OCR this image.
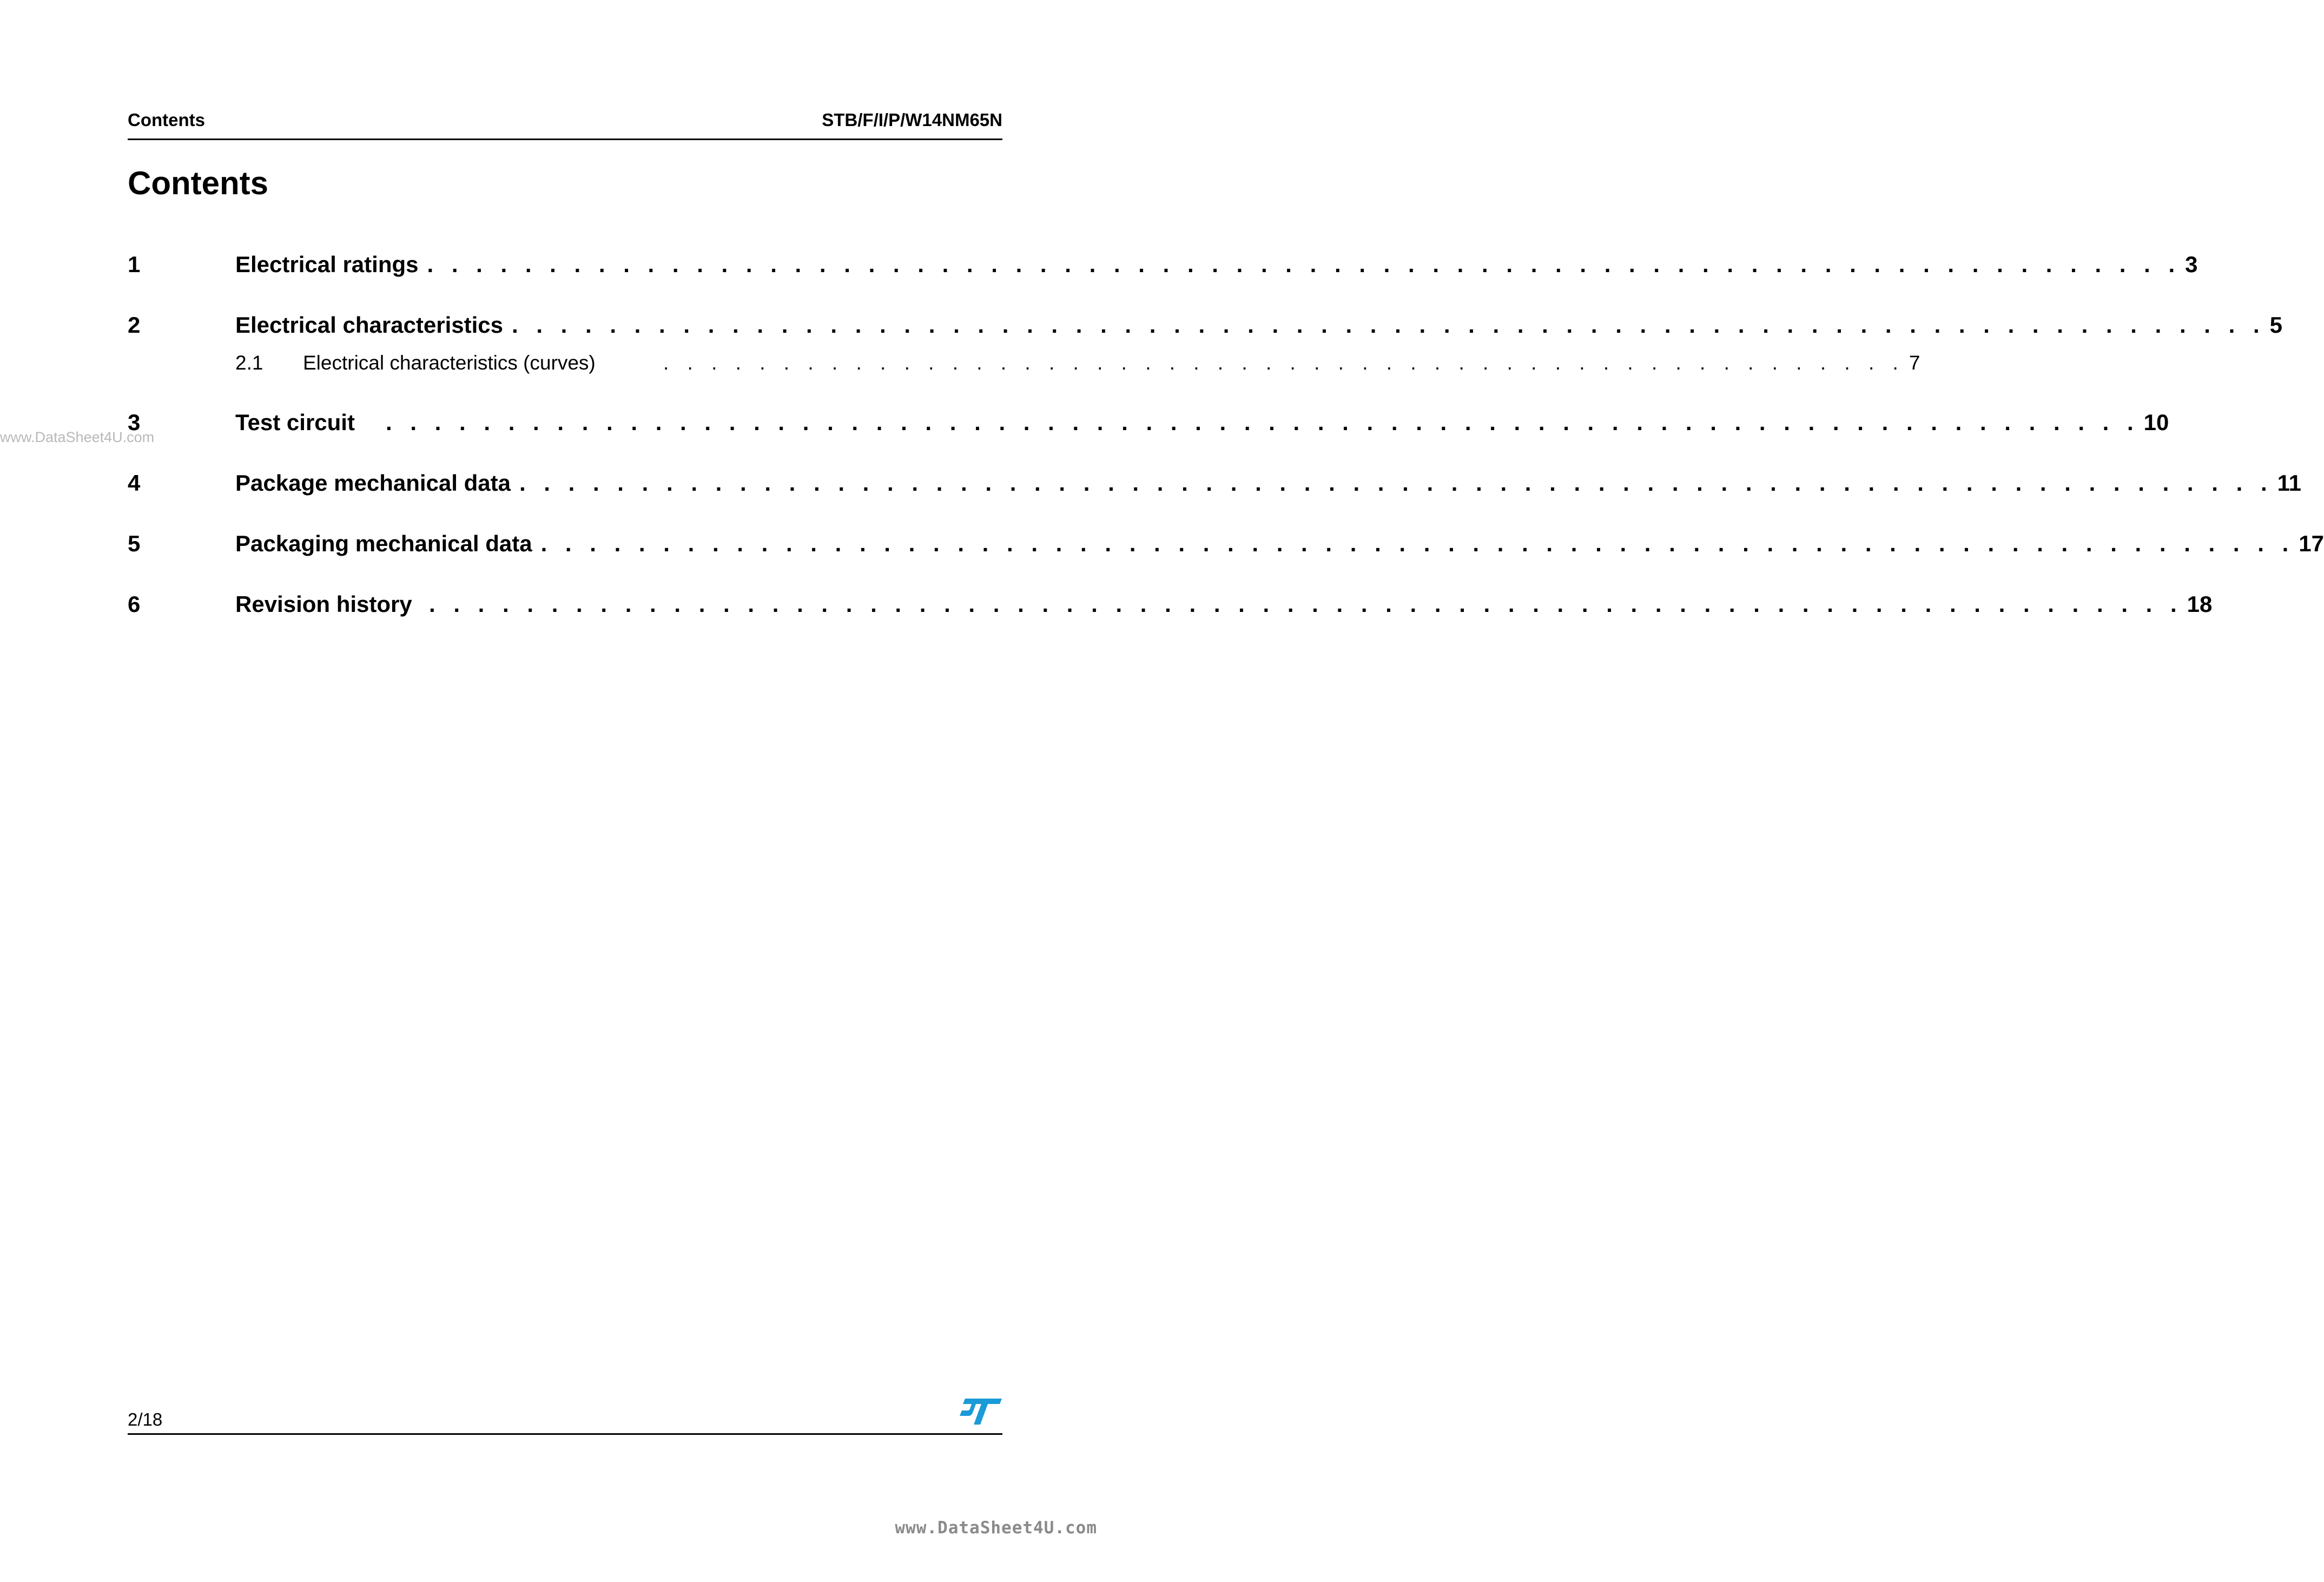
Contents	STB/F/I/P/W14NM65N
Contents
1	Electrical ratings . . . . . . . . . . . . . . . . . . . . . . . . . . . . . . . . . . . . . . . . . . . . . . . . . . . . . . . . . . . . . . . . . . . . . . . . 3
2	Electrical characteristics . . . . . . . . . . . . . . . . . . . . . . . . . . . . . . . . . . . . . . . . . . . . . . . . . . . . . . . . . . . . . . . . . . . . . . . . 5
2.1	Electrical characteristics (curves)	. . . . . . . . . . . . . . . . . . . . . . . . . . . . . . . . . . . . . . . . . . . . . . . . . . . . 7
3	Test circuit	. . . . . . . . . . . . . . . . . . . . . . . . . . . . . . . . . . . . . . . . . . . . . . . . . . . . . . . . . . . . . . . . . . . . . . . . 10
4	Package mechanical data . . . . . . . . . . . . . . . . . . . . . . . . . . . . . . . . . . . . . . . . . . . . . . . . . . . . . . . . . . . . . . . . . . . . . . . . 11
5	Packaging mechanical data . . . . . . . . . . . . . . . . . . . . . . . . . . . . . . . . . . . . . . . . . . . . . . . . . . . . . . . . . . . . . . . . . . . . . . . . 17
6	Revision history . . . . . . . . . . . . . . . . . . . . . . . . . . . . . . . . . . . . . . . . . . . . . . . . . . . . . . . . . . . . . . . . . . . . . . . . 18
www.DataSheet4U.com
www.DataSheet4U.com
2/18
